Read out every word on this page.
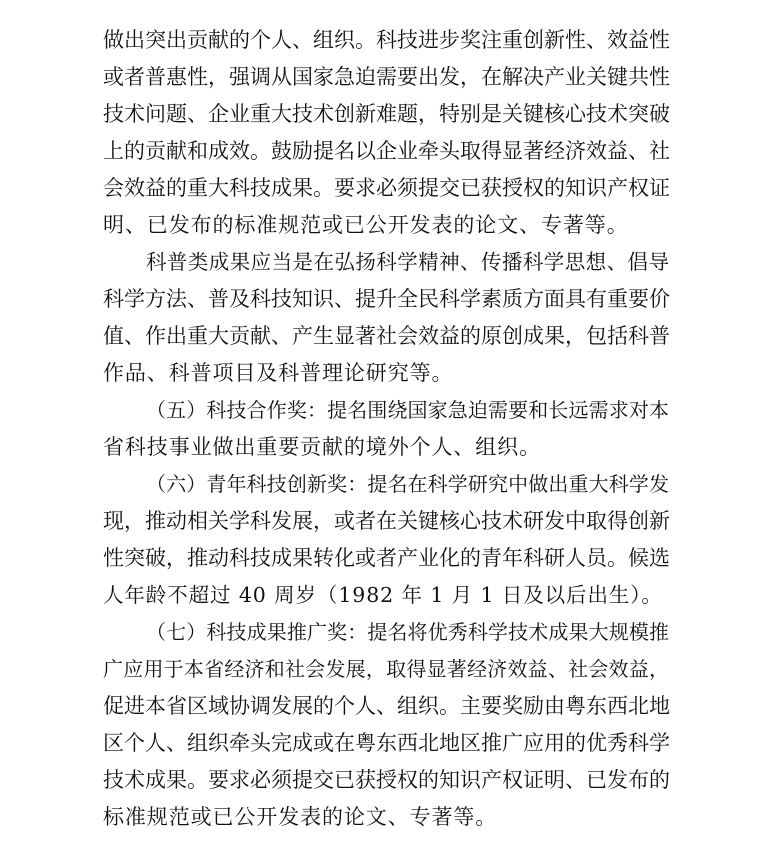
做出突出贡献的个人、组织。科技进步奖注重创新性、效益性
或者普惠性，强调从国家急迫需要出发，在解决产业关键共性
技术问题、企业重大技术创新难题，特别是关键核心技术突破
上的贡献和成效。鼓励提名以企业牵头取得显著经济效益、社
会效益的重大科技成果。要求必须提交已获授权的知识产权证
明、已发布的标准规范或已公开发表的论文、专著等。
科普类成果应当是在弘扬科学精神、传播科学思想、倡导
科学方法、普及科技知识、提升全民科学素质方面具有重要价
值、作出重大贡献、产生显著社会效益的原创成果，包括科普
作品、科普项目及科普理论研究等。
（五）科技合作奖：提名围绕国家急迫需要和长远需求对本
省科技事业做出重要贡献的境外个人、组织。
（六）青年科技创新奖：提名在科学研究中做出重大科学发
现，推动相关学科发展，或者在关键核心技术研发中取得创新
性突破，推动科技成果转化或者产业化的青年科研人员。候选
人年龄不超过 40 周岁（1982 年 1 月 1 日及以后出生）。
（七）科技成果推广奖：提名将优秀科学技术成果大规模推
广应用于本省经济和社会发展，取得显著经济效益、社会效益，
促进本省区域协调发展的个人、组织。主要奖励由粤东西北地
区个人、组织牵头完成或在粤东西北地区推广应用的优秀科学
技术成果。要求必须提交已获授权的知识产权证明、已发布的
标准规范或已公开发表的论文、专著等。
